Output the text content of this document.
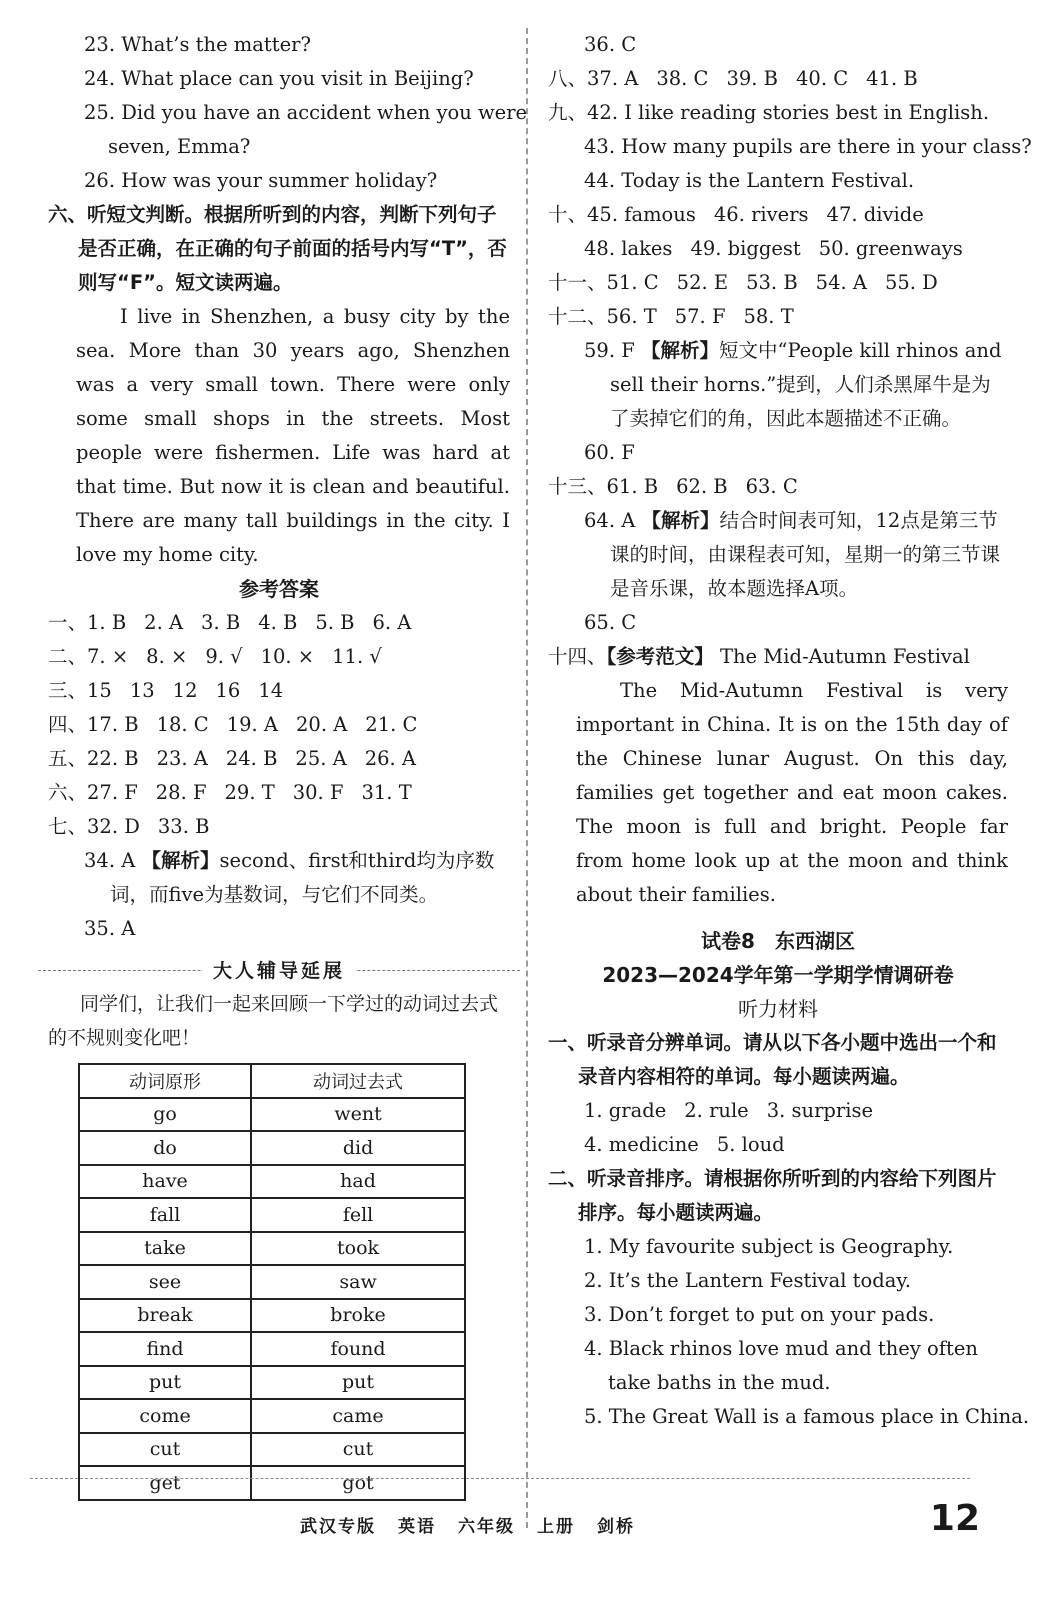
23. What’s the matter?
24. What place can you visit in Beijing?
25. Did you have an accident when you were
seven, Emma?
26. How was your summer holiday?
六、听短文判断。根据所听到的内容，判断下列句子是否正确，在正确的句子前面的括号内写“T”，否则写“F”。短文读两遍。
I live in Shenzhen, a busy city by the sea. More than 30 years ago, Shenzhen was a very small town. There were only some small shops in the streets. Most people were fishermen. Life was hard at that time. But now it is clean and beautiful. There are many tall buildings in the city. I love my home city.
参考答案
一、1. B 2. A 3. B 4. B 5. B 6. A
二、7. × 8. × 9. √ 10. × 11. √
三、15 13 12 16 14
四、17. B 18. C 19. A 20. A 21. C
五、22. B 23. A 24. B 25. A 26. A
六、27. F 28. F 29. T 30. F 31. T
七、32. D 33. B
34. A 【解析】second、first和third均为序数词，而five为基数词，与它们不同类。
35. A
大人辅导延展
同学们，让我们一起来回顾一下学过的动词过去式的不规则变化吧！
动词原形	动词过去式
go	went
do	did
have	had
fall	fell
take	took
see	saw
break	broke
find	found
put	put
come	came
cut	cut
get	got
36. C
八、37. A 38. C 39. B 40. C 41. B
九、42. I like reading stories best in English.
43. How many pupils are there in your class?
44. Today is the Lantern Festival.
十、45. famous 46. rivers 47. divide
48. lakes 49. biggest 50. greenways
十一、51. C 52. E 53. B 54. A 55. D
十二、56. T 57. F 58. T
59. F 【解析】短文中“People kill rhinos and sell their horns.”提到，人们杀黑犀牛是为了卖掉它们的角，因此本题描述不正确。
60. F
十三、61. B 62. B 63. C
64. A 【解析】结合时间表可知，12点是第三节课的时间，由课程表可知，星期一的第三节课是音乐课，故本题选择A项。
65. C
十四、【参考范文】 The Mid-Autumn Festival
The Mid-Autumn Festival is very important in China. It is on the 15th day of the Chinese lunar August. On this day, families get together and eat moon cakes. The moon is full and bright. People far from home look up at the moon and think about their families.
试卷8　东西湖区
2023—2024学年第一学期学情调研卷
听力材料
一、听录音分辨单词。请从以下各小题中选出一个和录音内容相符的单词。每小题读两遍。
1. grade 2. rule 3. surprise
4. medicine 5. loud
二、听录音排序。请根据你所听到的内容给下列图片排序。每小题读两遍。
1. My favourite subject is Geography.
2. It’s the Lantern Festival today.
3. Don’t forget to put on your pads.
4. Black rhinos love mud and they often take baths in the mud.
5. The Great Wall is a famous place in China.
武汉专版 英语 六年级 上册 剑桥	12
